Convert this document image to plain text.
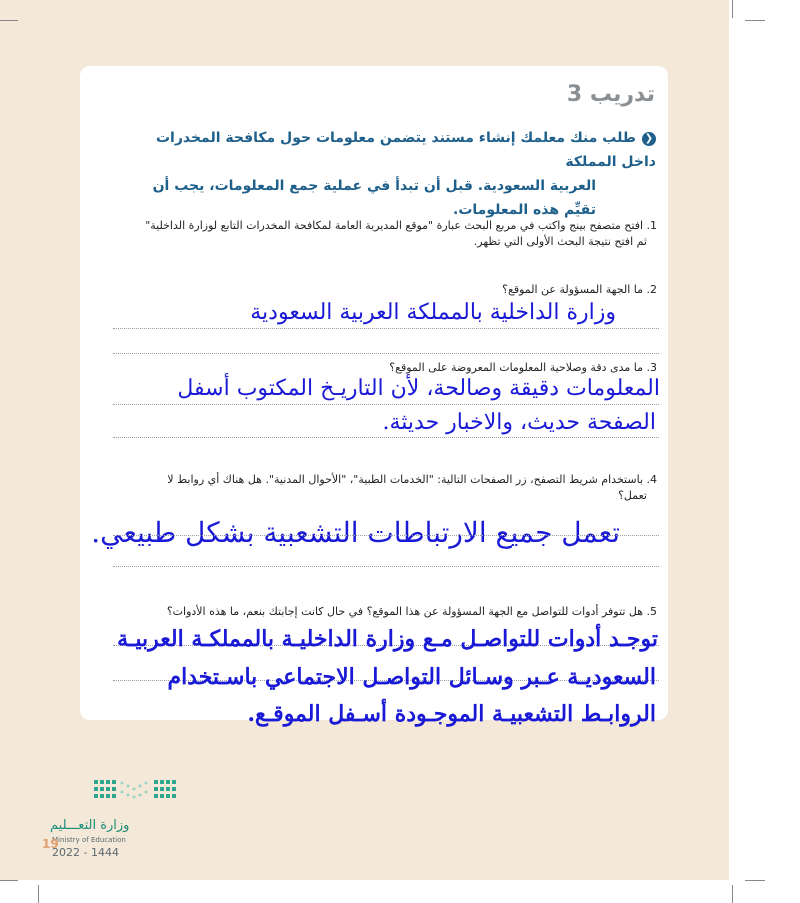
تدريب 3
❮طلب منك معلمك إنشاء مستند يتضمن معلومات حول مكافحة المخدرات داخل المملكة
العربية السعودية. قبل أن تبدأ في عملية جمع المعلومات، يجب أن تقيِّم هذه المعلومات.
1. افتح متصفح بينج واكتب في مربع البحث عبارة "موقع المديرية العامة لمكافحة المخدرات التابع لوزارة الداخلية"
ثم افتح نتيجة البحث الأولى التي تظهر.
2. ما الجهة المسؤولة عن الموقع؟
وزارة الداخلية بالمملكة العربية السعودية
3. ما مدى دقة وصلاحية المعلومات المعروضة على الموقع؟
المعلومات دقيقة وصالحة، لأن التاريـخ المكتوب أسفل
الصفحة حديث، والاخبار حديثة.
4. باستخدام شريط التصفح، زر الصفحات التالية: "الخدمات الطبية"، "الأحوال المدنية". هل هناك أي روابط لا
تعمل؟
تعمل جميع الارتباطات التشعبية بشكل طبيعي.
5. هل تتوفر أدوات للتواصل مع الجهة المسؤولة عن هذا الموقع؟ في حال كانت إجابتك بنعم، ما هذه الأدوات؟
توجـد أدوات للتواصـل مـع وزارة الداخليـة بالمملكـة العربيـة
السعوديـة عـبر وسـائل التواصـل الاجتماعي باسـتخدام
الروابـط التشعبيـة الموجـودة أسـفل الموقـع.
وزارة التعـــليم
Ministry of Education
2022 - 1444
19
